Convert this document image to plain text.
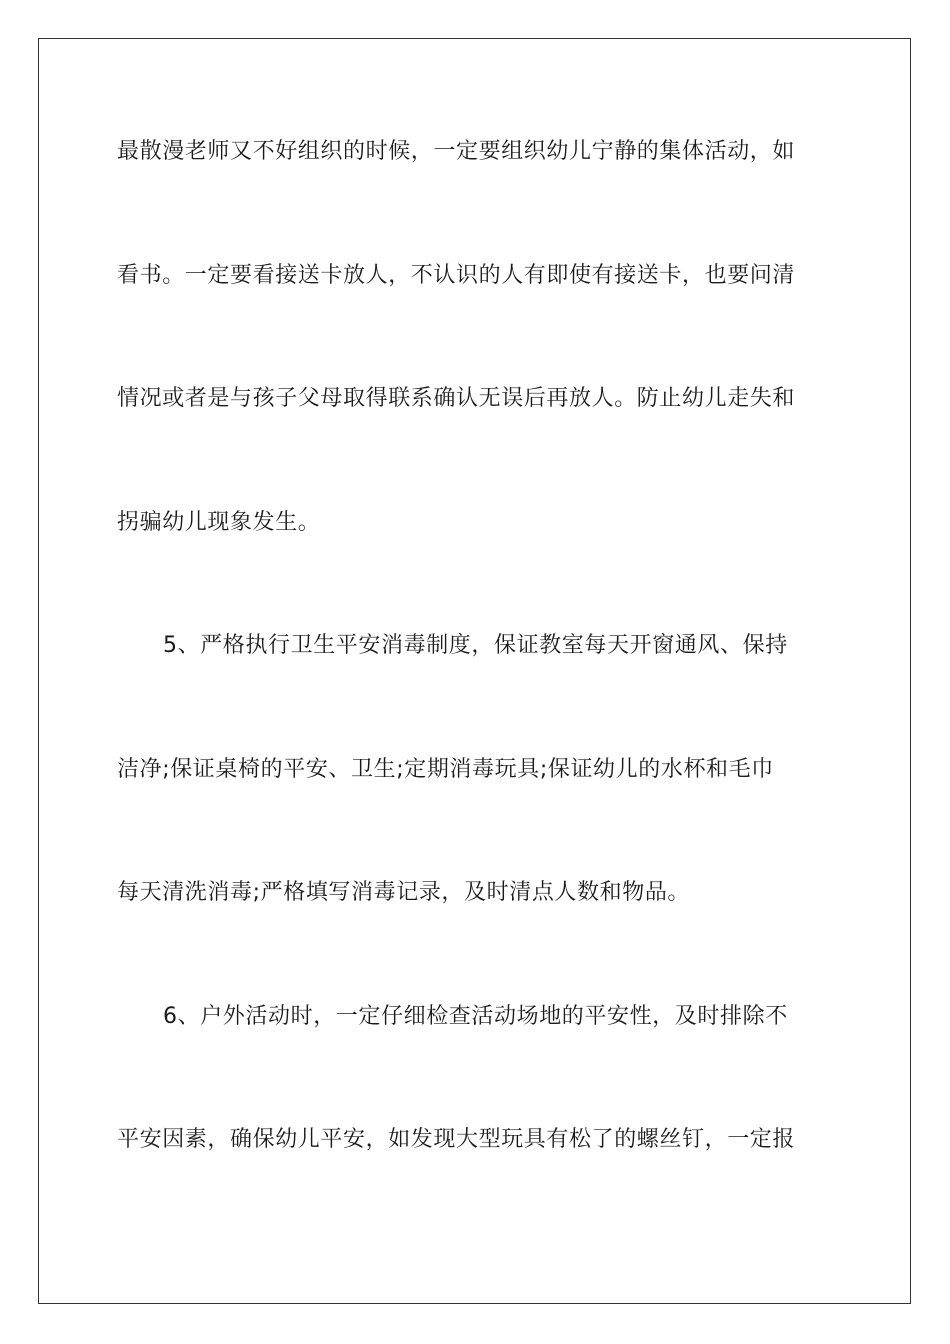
最散漫老师又不好组织的时候，一定要组织幼儿宁静的集体活动，如
看书。一定要看接送卡放人，不认识的人有即使有接送卡，也要问清
情况或者是与孩子父母取得联系确认无误后再放人。防止幼儿走失和
拐骗幼儿现象发生。
5、严格执行卫生平安消毒制度，保证教室每天开窗通风、保持
洁净;保证桌椅的平安、卫生;定期消毒玩具;保证幼儿的水杯和毛巾
每天清洗消毒;严格填写消毒记录，及时清点人数和物品。
6、户外活动时，一定仔细检查活动场地的平安性，及时排除不
平安因素，确保幼儿平安，如发现大型玩具有松了的螺丝钉，一定报
